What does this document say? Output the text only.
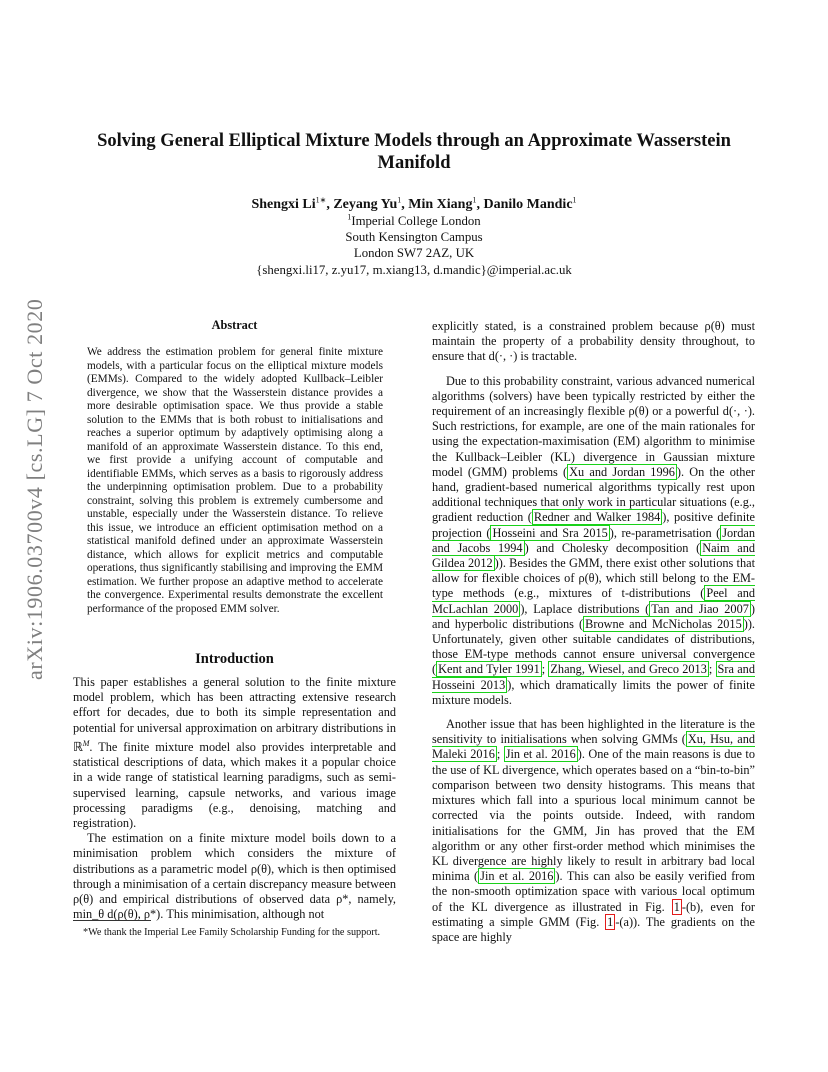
arXiv:1906.03700v4 [cs.LG] 7 Oct 2020
Solving General Elliptical Mixture Models through an Approximate Wasserstein Manifold
Shengxi $Li^{1∗}$, Zeyang Yu$^1$, Min Xiang$^1$, Danilo Mandic$^1$
$^1$Imperial College London
South Kensington Campus
London SW7 2AZ, UK
{shengxi.li17, z.yu17, m.xiang13, d.mandic}@imperial.ac.uk
Abstract
We address the estimation problem for general finite mixture models, with a particular focus on the elliptical mixture models (EMMs). Compared to the widely adopted Kullback–Leibler divergence, we show that the Wasserstein distance provides a more desirable optimisation space. We thus provide a stable solution to the EMMs that is both robust to initialisations and reaches a superior optimum by adaptively optimising along a manifold of an approximate Wasserstein distance. To this end, we first provide a unifying account of computable and identifiable EMMs, which serves as a basis to rigorously address the underpinning optimisation problem. Due to a probability constraint, solving this problem is extremely cumbersome and unstable, especially under the Wasserstein distance. To relieve this issue, we introduce an efficient optimisation method on a statistical manifold defined under an approximate Wasserstein distance, which allows for explicit metrics and computable operations, thus significantly stabilising and improving the EMM estimation. We further propose an adaptive method to accelerate the convergence. Experimental results demonstrate the excellent performance of the proposed EMM solver.
Introduction

This paper establishes a general solution to the finite mixture model problem, which has been attracting extensive research effort for decades, due to both its simple representation and potential for universal approximation on arbitrary distributions in ℝ$^M$. The finite mixture model also provides interpretable and statistical descriptions of data, which makes it a popular choice in a wide range of statistical learning paradigms, such as semi-supervised learning, capsule networks, and various image processing paradigms (e.g., denoising, matching and registration).

The estimation on a finite mixture model boils down to a minimisation problem which considers the mixture of distributions as a parametric model ρ(θ), which is then optimised through a minimisation of a certain discrepancy measure between ρ(θ) and empirical distributions of observed data ρ*, namely, min_θ d(ρ(θ), ρ*). This minimisation, although not

*We thank the Imperial Lee Family Scholarship Funding for the support.

explicitly stated, is a constrained problem because ρ(θ) must maintain the property of a probability density throughout, to ensure that d(·, ·) is tractable.

Due to this probability constraint, various advanced numerical algorithms (solvers) have been typically restricted by either the requirement of an increasingly flexible ρ(θ) or a powerful d(·, ·). Such restrictions, for example, are one of the main rationales for using the expectation-maximisation (EM) algorithm to minimise the Kullback–Leibler (KL) divergence in Gaussian mixture model (GMM) problems ( Xu and Jordan 1996 ). On the other hand, gradient-based numerical algorithms typically rest upon additional techniques that only work in particular situations (e.g., gradient reduction ( Redner and Walker 1984 ), positive definite projection ( Hosseini and Sra 2015 ), re-parametrisation ( Jordan and Jacobs 1994 ) and Cholesky decomposition ( Naim and Gildea 2012 )). Besides the GMM, there exist other solutions that allow for flexible choices of ρ(θ), which still belong to the EM-type methods (e.g., mixtures of t-distributions ( Peel and McLachlan 2000 ), Laplace distributions ( Tan and Jiao 2007 ) and hyperbolic distributions ( Browne and McNicholas 2015 )). Unfortunately, given other suitable candidates of distributions, those EM-type methods cannot ensure universal convergence ( Kent and Tyler 1991 ; Zhang, Wiesel, and Greco 2013 ; Sra and Hosseini 2013 ), which dramatically limits the power of finite mixture models.

Another issue that has been highlighted in the literature is the sensitivity to initialisations when solving GMMs ( Xu, Hsu, and Maleki 2016 ; Jin et al. 2016 ). One of the main reasons is due to the use of KL divergence, which operates based on a “bin-to-bin” comparison between two density histograms. This means that mixtures which fall into a spurious local minimum cannot be corrected via the points outside. Indeed, with random initialisations for the GMM, Jin has proved that the EM algorithm or any other first-order method which minimises the KL divergence are highly likely to result in arbitrary bad local minima ( Jin et al. 2016 ). This can also be easily verified from the non-smooth optimization space with various local optimum of the KL divergence as illustrated in Fig. 1 -(b), even for estimating a simple GMM (Fig. 1 -(a)). The gradients on the space are highly
